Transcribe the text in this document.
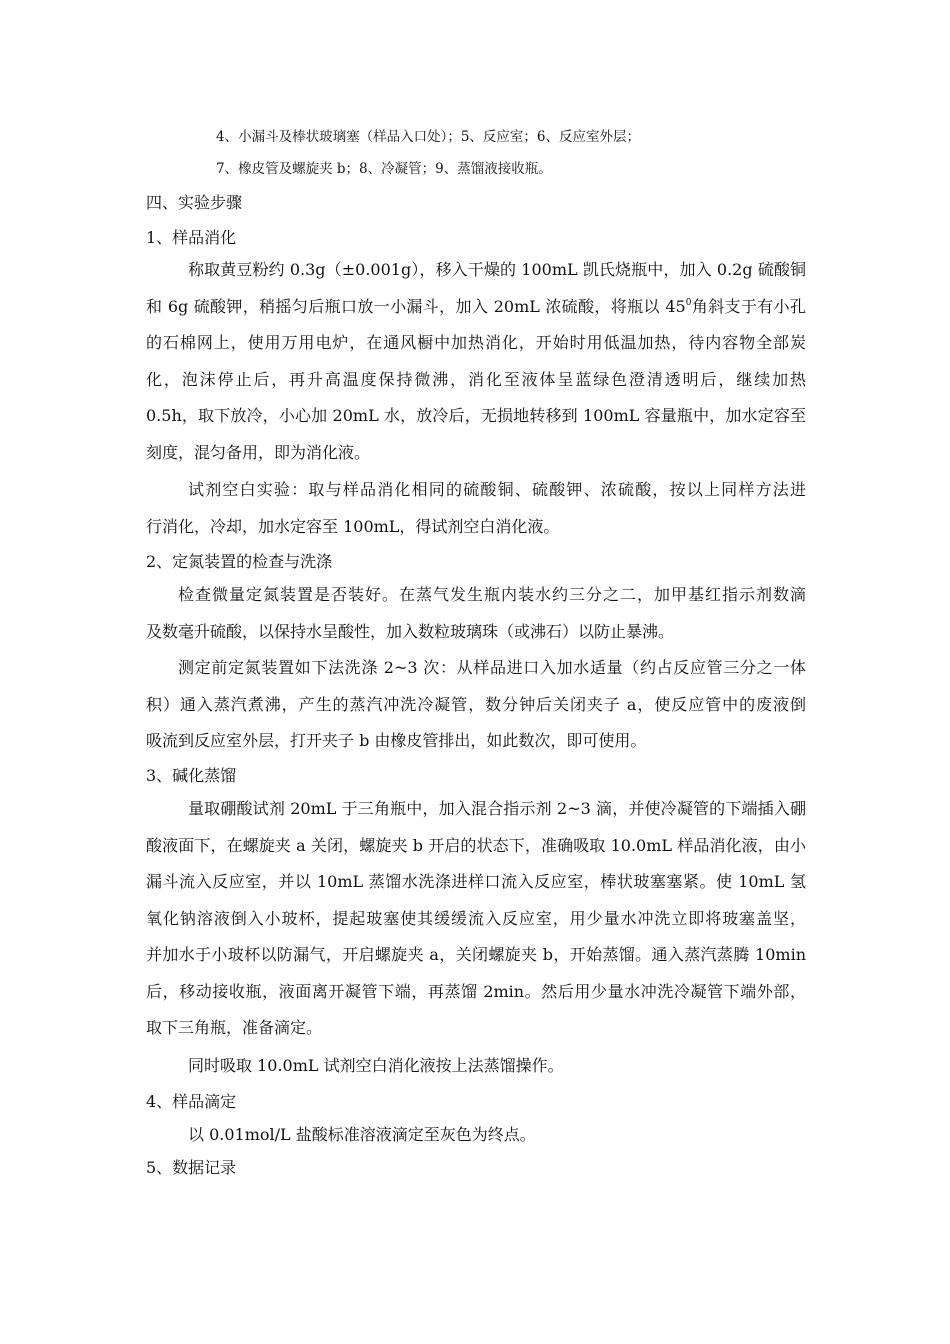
4、小漏斗及棒状玻璃塞（样品入口处）；5、反应室；6、反应室外层；
7、橡皮管及螺旋夹 b；8、冷凝管；9、蒸馏液接收瓶。
四、实验步骤
1、样品消化
称取黄豆粉约 0.3g（±0.001g），移入干燥的 100mL 凯氏烧瓶中，加入 0.2g 硫酸铜
和 6g 硫酸钾，稍摇匀后瓶口放一小漏斗，加入 20mL 浓硫酸，将瓶以 $45^0$角斜支于有小孔
的石棉网上，使用万用电炉，在通风橱中加热消化，开始时用低温加热，待内容物全部炭
化，泡沫停止后，再升高温度保持微沸，消化至液体呈蓝绿色澄清透明后，继续加热
0.5h，取下放冷，小心加 20mL 水，放冷后，无损地转移到 100mL 容量瓶中，加水定容至
刻度，混匀备用，即为消化液。
试剂空白实验：取与样品消化相同的硫酸铜、硫酸钾、浓硫酸，按以上同样方法进
行消化，冷却，加水定容至 100mL，得试剂空白消化液。
2、定氮装置的检查与洗涤
检查微量定氮装置是否装好。在蒸气发生瓶内装水约三分之二，加甲基红指示剂数滴
及数毫升硫酸，以保持水呈酸性，加入数粒玻璃珠（或沸石）以防止暴沸。
测定前定氮装置如下法洗涤 2~3 次：从样品进口入加水适量（约占反应管三分之一体
积）通入蒸汽煮沸，产生的蒸汽冲洗冷凝管，数分钟后关闭夹子 a，使反应管中的废液倒
吸流到反应室外层，打开夹子 b 由橡皮管排出，如此数次，即可使用。
3、碱化蒸馏
量取硼酸试剂 20mL 于三角瓶中，加入混合指示剂 2~3 滴，并使冷凝管的下端插入硼
酸液面下，在螺旋夹 a 关闭，螺旋夹 b 开启的状态下，准确吸取 10.0mL 样品消化液，由小
漏斗流入反应室，并以 10mL 蒸馏水洗涤进样口流入反应室，棒状玻塞塞紧。使 10mL 氢
氧化钠溶液倒入小玻杯，提起玻塞使其缓缓流入反应室，用少量水冲洗立即将玻塞盖坚，
并加水于小玻杯以防漏气，开启螺旋夹 a，关闭螺旋夹 b，开始蒸馏。通入蒸汽蒸腾 10min
后，移动接收瓶，液面离开凝管下端，再蒸馏 2min。然后用少量水冲洗冷凝管下端外部，
取下三角瓶，准备滴定。
同时吸取 10.0mL 试剂空白消化液按上法蒸馏操作。
4、样品滴定
以 0.01mol/L 盐酸标准溶液滴定至灰色为终点。
5、数据记录
